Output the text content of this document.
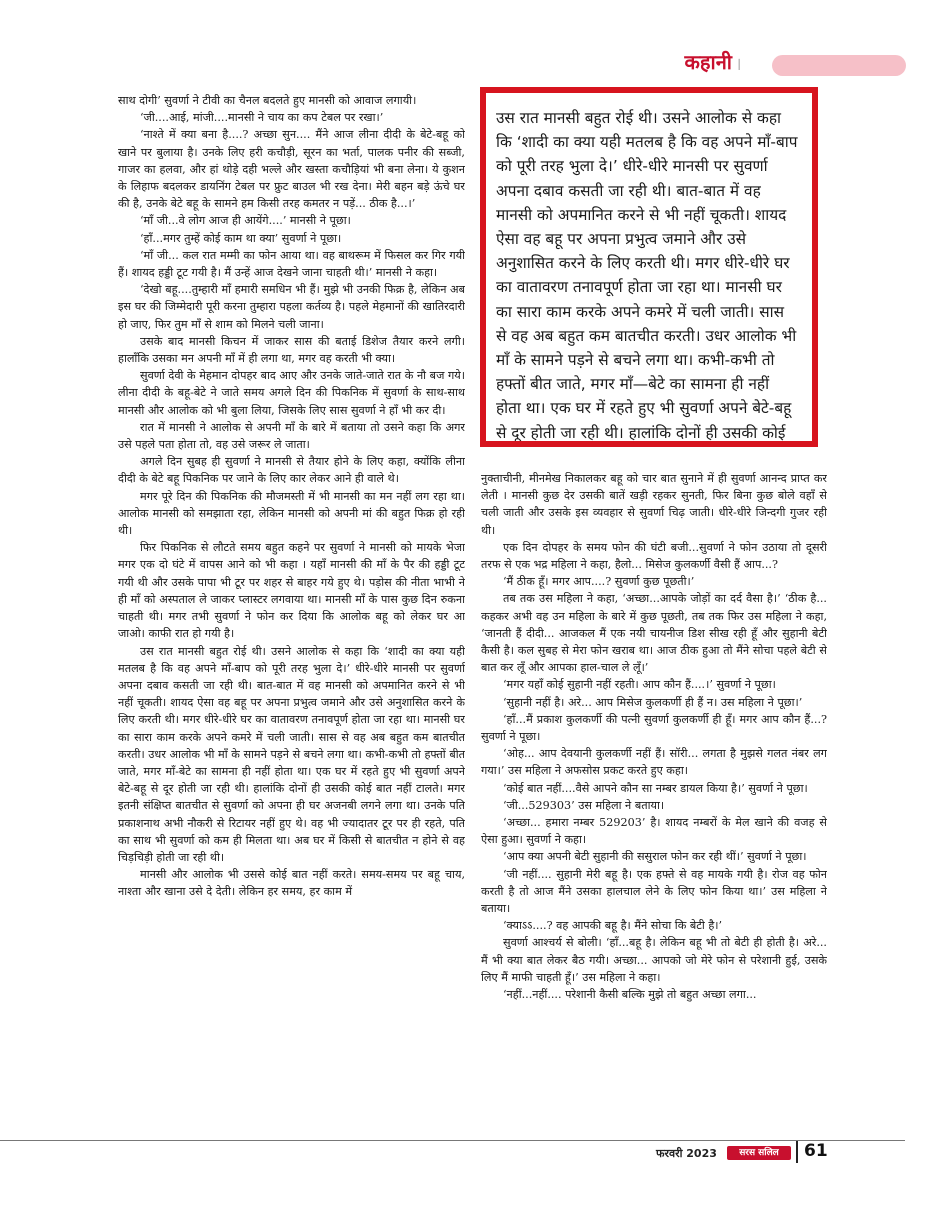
कहानी ।

साथ दोगी’ सुवर्णा ने टीवी का चैनल बदलते हुए मानसी को आवाज लगायी।

‘जी....आई, मांजी....मानसी ने चाय का कप टेबल पर रखा।’

‘नाश्ते में क्या बना है....? अच्छा सुन.... मैंने आज लीना दीदी के बेटे-बहू को खाने पर बुलाया है। उनके लिए हरी कचौड़ी, सूरन का भर्ता, पालक पनीर की सब्जी, गाजर का हलवा, और हां थोड़े दही भल्ले और खस्ता कचौड़ियां भी बना लेना। ये कुशन के लिहाफ बदलकर डायनिंग टेबल पर फ्रुट बाउल भी रख देना। मेरी बहन बड़े ऊंचे घर की है, उनके बेटे बहू के सामने हम किसी तरह कमतर न पड़ें... ठीक है...।’

‘माँ जी...वे लोग आज ही आयेंगे....’ मानसी ने पूछा।

‘हाँ...मगर तुम्हें कोई काम था क्या’ सुवर्णा ने पूछा।

‘माँ जी... कल रात मम्मी का फोन आया था। वह बाथरूम में फिसल कर गिर गयी हैं। शायद हड्डी टूट गयी है। मैं उन्हें आज देखने जाना चाहती थी।’ मानसी ने कहा।

‘देखो बहू....तुम्हारी माँ हमारी समधिन भी हैं। मुझे भी उनकी फिक्र है, लेकिन अब इस घर की जिम्मेदारी पूरी करना तुम्हारा पहला कर्तव्य है। पहले मेहमानों की खातिरदारी हो जाए, फिर तुम माँ से शाम को मिलने चली जाना।

उसके बाद मानसी किचन में जाकर सास की बताई डिशेज तैयार करने लगी। हालाँकि उसका मन अपनी माँ में ही लगा था, मगर वह करती भी क्या।

सुवर्णा देवी के मेहमान दोपहर बाद आए और उनके जाते-जाते रात के नौ बज गये। लीना दीदी के बहू-बेटे ने जाते समय अगले दिन की पिकनिक में सुवर्णा के साथ-साथ मानसी और आलोक को भी बुला लिया, जिसके लिए सास सुवर्णा ने हाँ भी कर दी।

रात में मानसी ने आलोक से अपनी माँ के बारे में बताया तो उसने कहा कि अगर उसे पहले पता होता तो, वह उसे जरूर ले जाता।

अगले दिन सुबह ही सुवर्णा ने मानसी से तैयार होने के लिए कहा, क्योंकि लीना दीदी के बेटे बहू पिकनिक पर जाने के लिए कार लेकर आने ही वाले थे।

मगर पूरे दिन की पिकनिक की मौजमस्ती में भी मानसी का मन नहीं लग रहा था। आलोक मानसी को समझाता रहा, लेकिन मानसी को अपनी मां की बहुत फिक्र हो रही थी।

फिर पिकनिक से लौटते समय बहुत कहने पर सुवर्णा ने मानसी को मायके भेजा मगर एक दो घंटे में वापस आने को भी कहा । यहाँ मानसी की माँ के पैर की हड्डी टूट गयी थी और उसके पापा भी टूर पर शहर से बाहर गये हुए थे। पड़ोस की नीता भाभी ने ही माँ को अस्पताल ले जाकर प्लास्टर लगवाया था। मानसी माँ के पास कुछ दिन रुकना चाहती थी। मगर तभी सुवर्णा ने फोन कर दिया कि आलोक बहू को लेकर घर आ जाओ। काफी रात हो गयी है।

उस रात मानसी बहुत रोई थी। उसने आलोक से कहा कि ‘शादी का क्या यही मतलब है कि वह अपने माँ-बाप को पूरी तरह भुला दे।’ धीरे-धीरे मानसी पर सुवर्णा अपना दबाव कसती जा रही थी। बात-बात में वह मानसी को अपमानित करने से भी नहीं चूकती। शायद ऐसा वह बहू पर अपना प्रभुत्व जमाने और उसे अनुशासित करने के लिए करती थी। मगर धीरे-धीरे घर का वातावरण तनावपूर्ण होता जा रहा था। मानसी घर का सारा काम करके अपने कमरे में चली जाती। सास से वह अब बहुत कम बातचीत करती। उधर आलोक भी माँ के सामने पड़ने से बचने लगा था। कभी-कभी तो हफ्तों बीत जाते, मगर माँ-बेटे का सामना ही नहीं होता था। एक घर में रहते हुए भी सुवर्णा अपने बेटे-बहू से दूर होती जा रही थी। हालांकि दोनों ही उसकी कोई बात नहीं टालते। मगर इतनी संक्षिप्त बातचीत से सुवर्णा को अपना ही घर अजनबी लगने लगा था। उनके पति प्रकाशनाथ अभी नौकरी से रिटायर नहीं हुए थे। वह भी ज्यादातर टूर पर ही रहते, पति का साथ भी सुवर्णा को कम ही मिलता था। अब घर में किसी से बातचीत न होने से वह चिड़चिड़ी होती जा रही थी।

मानसी और आलोक भी उससे कोई बात नहीं करते। समय-समय पर बहू चाय, नाश्ता और खाना उसे दे देती। लेकिन हर समय, हर काम में

उस रात मानसी बहुत रोई थी। उसने आलोक से कहा कि ‘शादी का क्या यही मतलब है कि वह अपने माँ-बाप को पूरी तरह भुला दे।’ धीरे-धीरे मानसी पर सुवर्णा अपना दबाव कसती जा रही थी। बात-बात में वह मानसी को अपमानित करने से भी नहीं चूकती। शायद ऐसा वह बहू पर अपना प्रभुत्व जमाने और उसे अनुशासित करने के लिए करती थी। मगर धीरे-धीरे घर का वातावरण तनावपूर्ण होता जा रहा था। मानसी घर का सारा काम करके अपने कमरे में चली जाती। सास से वह अब बहुत कम बातचीत करती। उधर आलोक भी माँ के सामने पड़ने से बचने लगा था। कभी-कभी तो हफ्तों बीत जाते, मगर माँ—बेटे का सामना ही नहीं होता था। एक घर में रहते हुए भी सुवर्णा अपने बेटे-बहू से दूर होती जा रही थी। हालांकि दोनों ही उसकी कोई

नुक्ताचीनी, मीनमेख निकालकर बहू को चार बात सुनाने में ही सुवर्णा आनन्द प्राप्त कर लेती । मानसी कुछ देर उसकी बातें खड़ी रहकर सुनती, फिर बिना कुछ बोले वहाँ से चली जाती और उसके इस व्यवहार से सुवर्णा चिढ़ जाती। धीरे-धीरे जिन्दगी गुजर रही थी।

एक दिन दोपहर के समय फोन की घंटी बजी...सुवर्णा ने फोन उठाया तो दूसरी तरफ से एक भद्र महिला ने कहा, हैलो... मिसेज कुलकर्णी वैसी हैं आप...?

‘मैं ठीक हूँ। मगर आप....? सुवर्णा कुछ पूछती।’

तब तक उस महिला ने कहा, ‘अच्छा...आपके जोड़ों का दर्द वैसा है।’ ‘ठीक है... कहकर अभी वह उन महिला के बारे में कुछ पूछती, तब तक फिर उस महिला ने कहा, ‘जानती हैं दीदी... आजकल मैं एक नयी चायनीज डिश सीख रही हूँ और सुहानी बेटी कैसी है। कल सुबह से मेरा फोन खराब था। आज ठीक हुआ तो मैंने सोचा पहले बेटी से बात कर लूँ और आपका हाल-चाल ले लूँ।’

‘मगर यहाँ कोई सुहानी नहीं रहती। आप कौन हैं....।’ सुवर्णा ने पूछा।

‘सुहानी नहीं है। अरे... आप मिसेज कुलकर्णी ही हैं न। उस महिला ने पूछा।’

‘हाँ...मैं प्रकाश कुलकर्णी की पत्नी सुवर्णा कुलकर्णी ही हूँ। मगर आप कौन हैं...? सुवर्णा ने पूछा।

‘ओह... आप देवयानी कुलकर्णी नहीं हैं। सॉरी... लगता है मुझसे गलत नंबर लग गया।’ उस महिला ने अफसोस प्रकट करते हुए कहा।

‘कोई बात नहीं....वैसे आपने कौन सा नम्बर डायल किया है।’ सुवर्णा ने पूछा।

‘जी...529303’ उस महिला ने बताया।

‘अच्छा... हमारा नम्बर 529203’ है। शायद नम्बरों के मेल खाने की वजह से ऐसा हुआ। सुवर्णा ने कहा।

‘आप क्या अपनी बेटी सुहानी की ससुराल फोन कर रही थीं।’ सुवर्णा ने पूछा।

‘जी नहीं.... सुहानी मेरी बहू है। एक हफ्ते से वह मायके गयी है। रोज वह फोन करती है तो आज मैंने उसका हालचाल लेने के लिए फोन किया था।’ उस महिला ने बताया।

‘क्याऽऽ....? वह आपकी बहू है। मैंने सोचा कि बेटी है।’

सुवर्णा आश्चर्य से बोली। ‘हाँ...बहू है। लेकिन बहू भी तो बेटी ही होती है। अरे... मैं भी क्या बात लेकर बैठ गयी। अच्छा... आपको जो मेरे फोन से परेशानी हुई, उसके लिए मैं माफी चाहती हूँ।’ उस महिला ने कहा।

‘नहीं...नहीं.... परेशानी कैसी बल्कि मुझे तो बहुत अच्छा लगा...

फरवरी 2023	सरस सलिल	61
